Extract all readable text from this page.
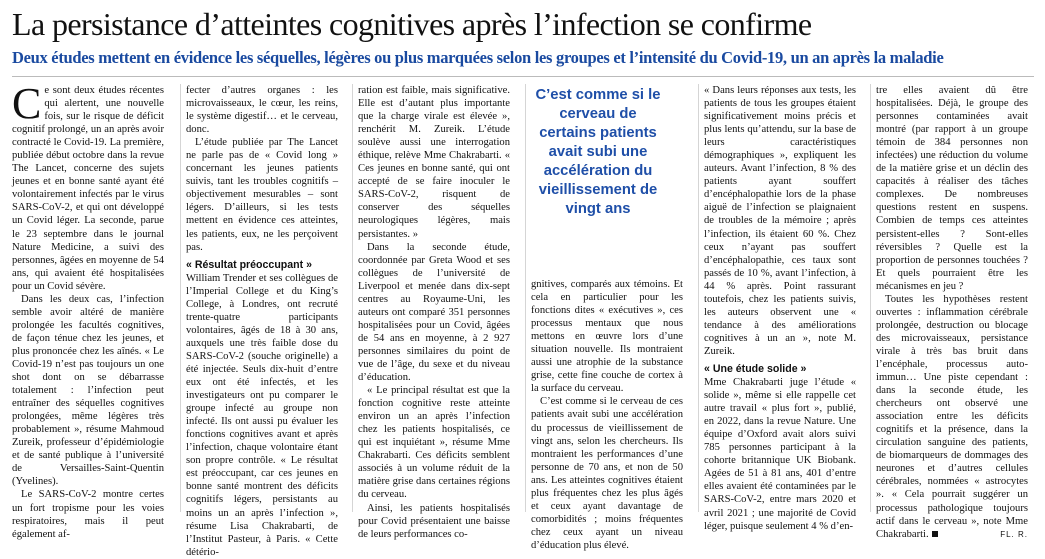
La persistance d’atteintes cognitives après l’infection se confirme
Deux études mettent en évidence les séquelles, légères ou plus marquées selon les groupes et l’intensité du Covid-19, un an après la maladie

Ce sont deux études récentes qui alertent, une nouvelle fois, sur le risque de déficit cognitif prolongé, un an après avoir contracté le Covid-19. La première, publiée début octobre dans la revue The Lancet, concerne des sujets jeunes et en bonne santé ayant été volontairement infectés par le virus SARS-CoV-2, et qui ont développé un Covid léger. La seconde, parue le 23 septembre dans le journal Nature Medicine, a suivi des personnes, âgées en moyenne de 54 ans, qui avaient été hospitalisées pour un Covid sévère.

Dans les deux cas, l’infection semble avoir altéré de manière prolongée les facultés cognitives, de façon ténue chez les jeunes, et plus prononcée chez les aînés. « Le Covid-19 n’est pas toujours un one shot dont on se débarrasse totalement : l’infection peut entraîner des séquelles cognitives prolongées, même légères très probablement », résume Mahmoud Zureik, professeur d’épidémiologie et de santé publique à l’université de Versailles-Saint-Quentin (Yvelines).

Le SARS-CoV-2 montre certes un fort tropisme pour les voies respiratoires, mais il peut également af-

fecter d’autres organes : les microvaisseaux, le cœur, les reins, le système digestif… et le cerveau, donc.

L’étude publiée par The Lancet ne parle pas de « Covid long » concernant les jeunes patients suivis, tant les troubles cognitifs – objectivement mesurables – sont légers. D’ailleurs, si les tests mettent en évidence ces atteintes, les patients, eux, ne les perçoivent pas.

« Résultat préoccupant »

William Trender et ses collègues de l’Imperial College et du King’s College, à Londres, ont recruté trente-quatre participants volontaires, âgés de 18 à 30 ans, auxquels une très faible dose du SARS-CoV-2 (souche originelle) a été injectée. Seuls dix-huit d’entre eux ont été infectés, et les investigateurs ont pu comparer le groupe infecté au groupe non infecté. Ils ont aussi pu évaluer les fonctions cognitives avant et après l’infection, chaque volontaire étant son propre contrôle. « Le résultat est préoccupant, car ces jeunes en bonne santé montrent des déficits cognitifs légers, persistants au moins un an après l’infection », résume Lisa Chakrabarti, de l’Institut Pasteur, à Paris. « Cette détério-

ration est faible, mais significative. Elle est d’autant plus importante que la charge virale est élevée », renchérit M. Zureik. L’étude soulève aussi une interrogation éthique, relève Mme Chakrabarti. « Ces jeunes en bonne santé, qui ont accepté de se faire inoculer le SARS-CoV-2, risquent de conserver des séquelles neurologiques légères, mais persistantes. »

Dans la seconde étude, coordonnée par Greta Wood et ses collègues de l’université de Liverpool et menée dans dix-sept centres au Royaume-Uni, les auteurs ont comparé 351 personnes hospitalisées pour un Covid, âgées de 54 ans en moyenne, à 2 927 personnes similaires du point de vue de l’âge, du sexe et du niveau d’éducation.

« Le principal résultat est que la fonction cognitive reste atteinte environ un an après l’infection chez les patients hospitalisés, ce qui est inquiétant », résume Mme Chakrabarti. Ces déficits semblent associés à un volume réduit de la matière grise dans certaines régions du cerveau.

Ainsi, les patients hospitalisés pour Covid présentaient une baisse de leurs performances co-

C’est comme si le cerveau de certains patients avait subi une accélération du vieillissement de vingt ans

gnitives, comparés aux témoins. Et cela en particulier pour les fonctions dites « exécutives », ces processus mentaux que nous mettons en œuvre lors d’une situation nouvelle. Ils montraient aussi une atrophie de la substance grise, cette fine couche de cortex à la surface du cerveau.

C’est comme si le cerveau de ces patients avait subi une accélération du processus de vieillissement de vingt ans, selon les chercheurs. Ils montraient les performances d’une personne de 70 ans, et non de 50 ans. Les atteintes cognitives étaient plus fréquentes chez les plus âgés et ceux ayant davantage de comorbidités ; moins fréquentes chez ceux ayant un niveau d’éducation plus élevé.

« Dans leurs réponses aux tests, les patients de tous les groupes étaient significativement moins précis et plus lents qu’attendu, sur la base de leurs caractéristiques démographiques », expliquent les auteurs. Avant l’infection, 8 % des patients ayant souffert d’encéphalopathie lors de la phase aiguë de l’infection se plaignaient de troubles de la mémoire ; après l’infection, ils étaient 60 %. Chez ceux n’ayant pas souffert d’encéphalopathie, ces taux sont passés de 10 %, avant l’infection, à 44 % après. Point rassurant toutefois, chez les patients suivis, les auteurs observent une « tendance à des améliorations cognitives à un an », note M. Zureik.

« Une étude solide »

Mme Chakrabarti juge l’étude « solide », même si elle rappelle cet autre travail « plus fort », publié, en 2022, dans la revue Nature. Une équipe d’Oxford avait alors suivi 785 personnes participant à la cohorte britannique UK Biobank. Agées de 51 à 81 ans, 401 d’entre elles avaient été contaminées par le SARS-CoV-2, entre mars 2020 et avril 2021 ; une majorité de Covid léger, puisque seulement 4 % d’en-

tre elles avaient dû être hospitalisées. Déjà, le groupe des personnes contaminées avait montré (par rapport à un groupe témoin de 384 personnes non infectées) une réduction du volume de la matière grise et un déclin des capacités à réaliser des tâches complexes. De nombreuses questions restent en suspens. Combien de temps ces atteintes persistent-elles ? Sont-elles réversibles ? Quelle est la proportion de personnes touchées ? Et quels pourraient être les mécanismes en jeu ?

Toutes les hypothèses restent ouvertes : inflammation cérébrale prolongée, destruction ou blocage des microvaisseaux, persistance virale à très bas bruit dans l’encéphale, processus auto-immun… Une piste cependant : dans la seconde étude, les chercheurs ont observé une association entre les déficits cognitifs et la présence, dans la circulation sanguine des patients, de biomarqueurs de dommages des neurones et d’autres cellules cérébrales, nommées « astrocytes ». « Cela pourrait suggérer un processus pathologique toujours actif dans le cerveau », note Mme Chakrabarti.	FL. R.
